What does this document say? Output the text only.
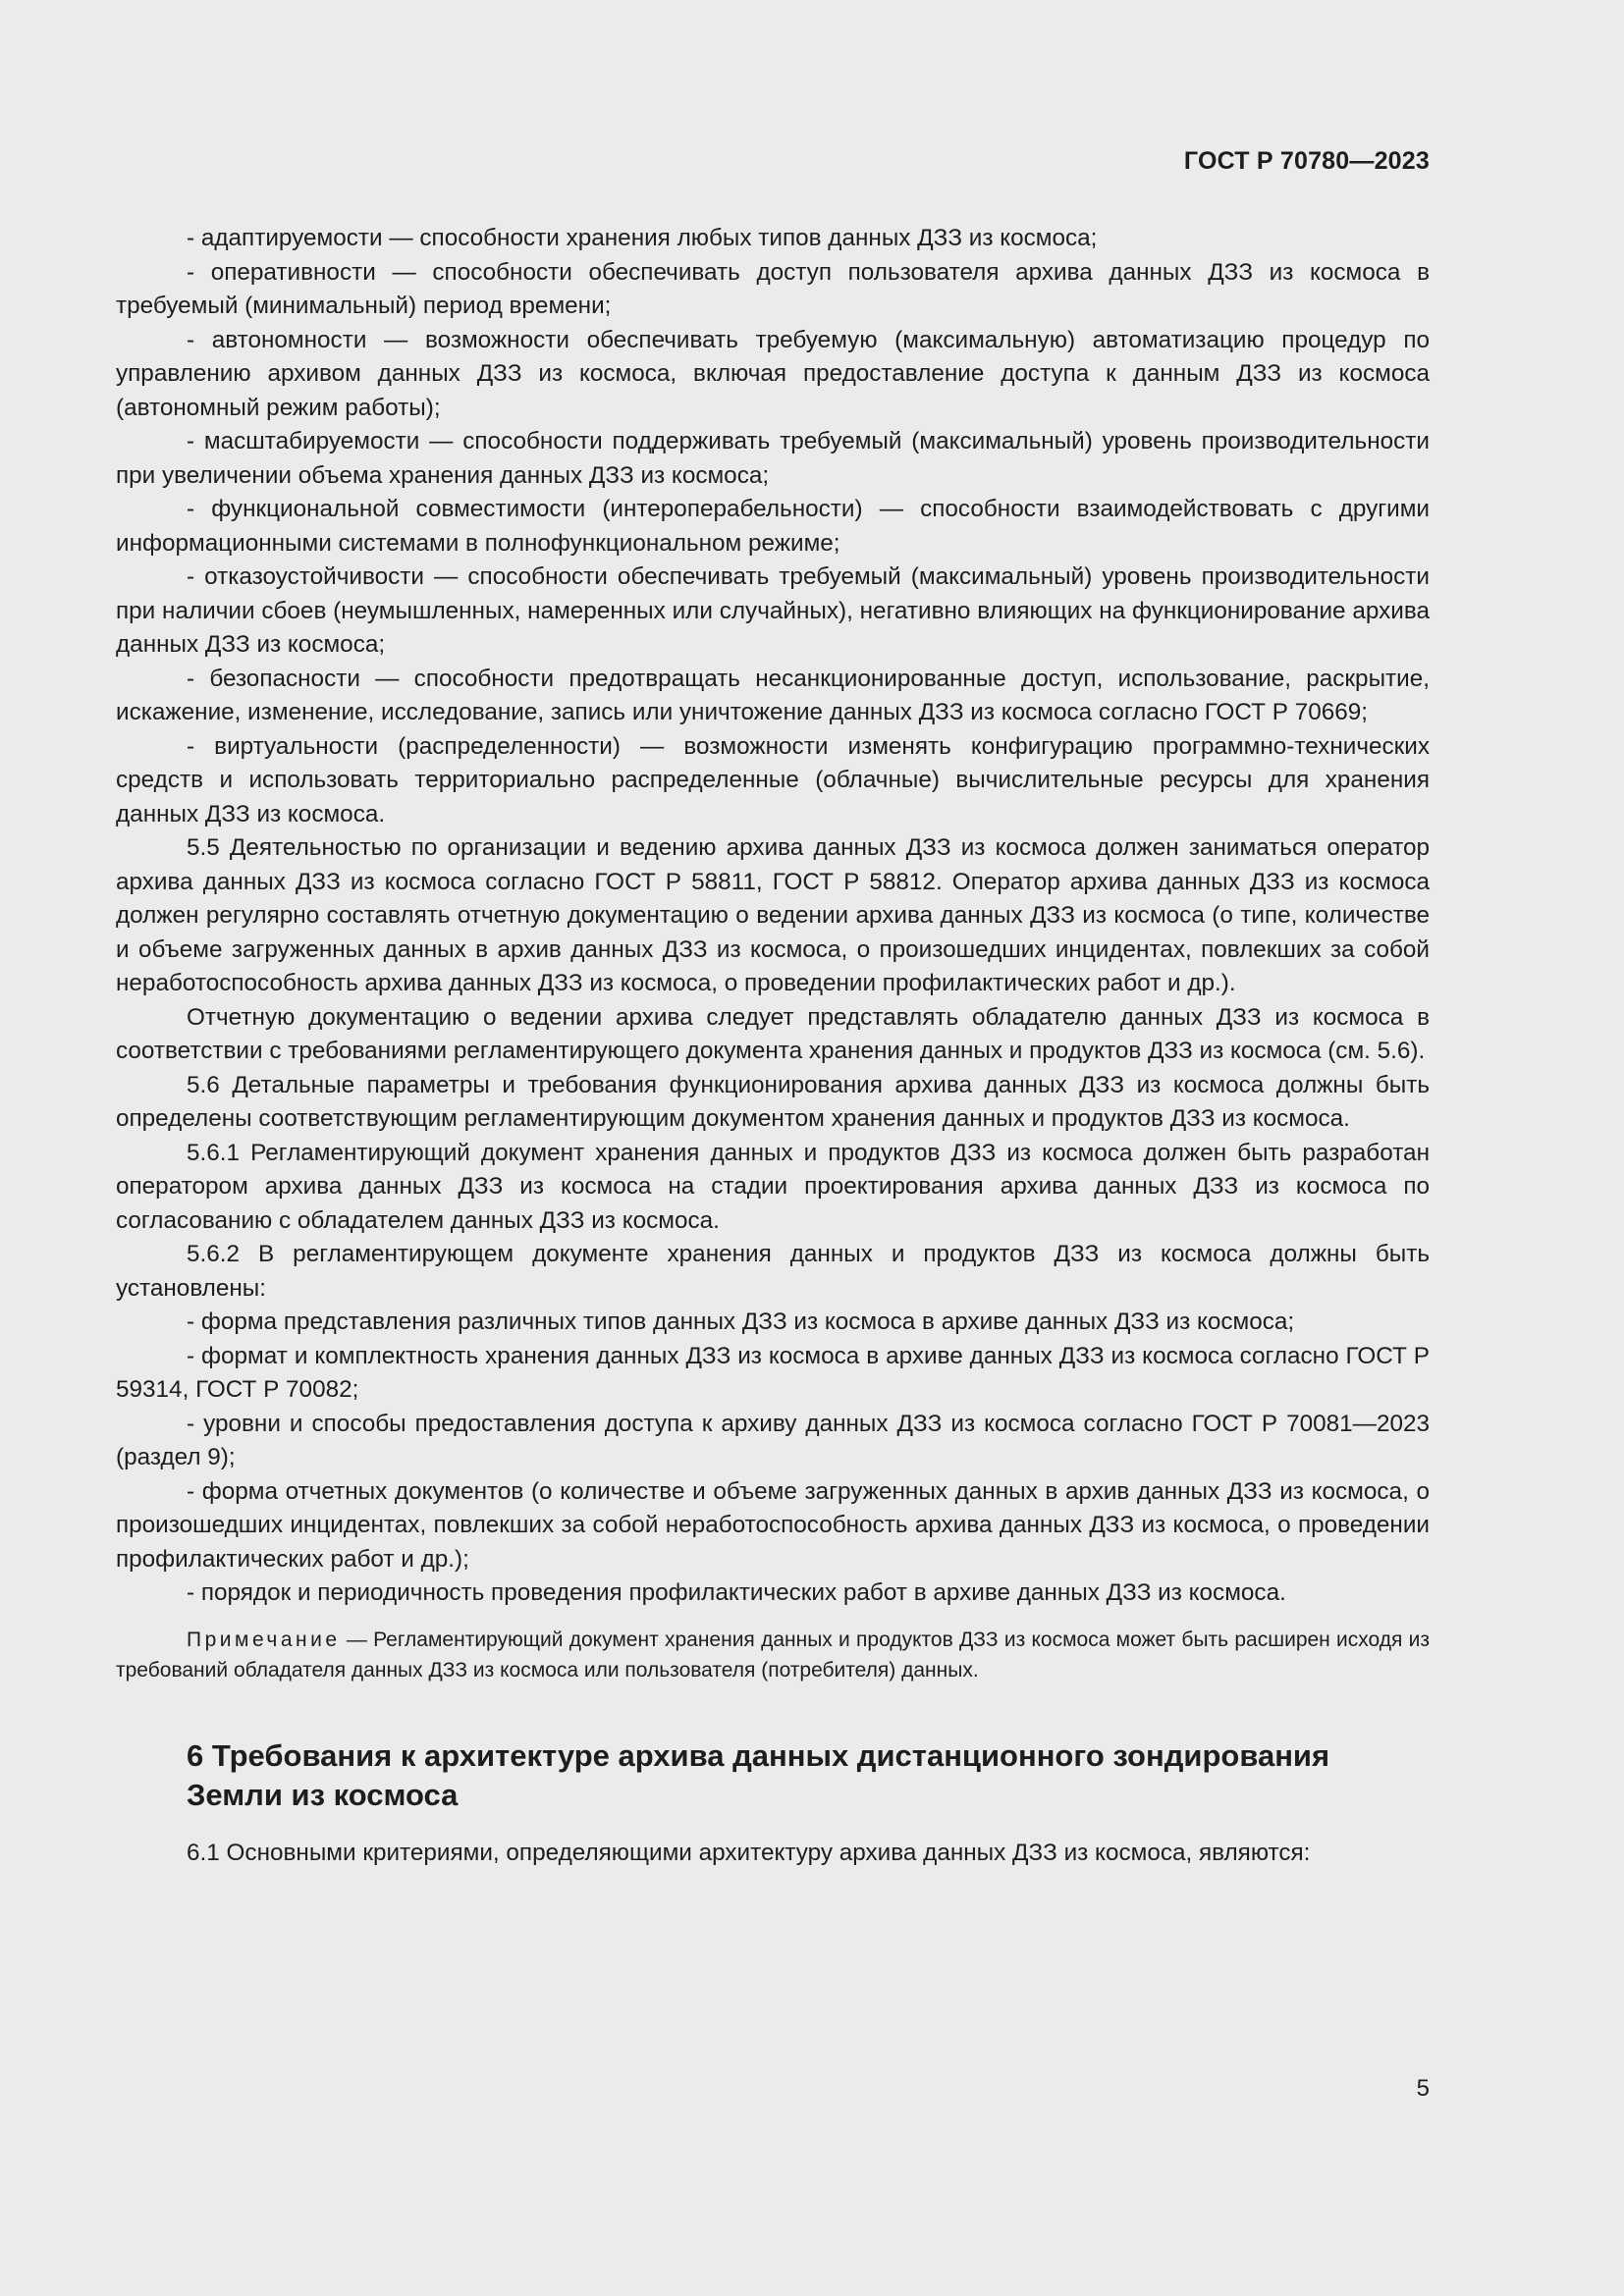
ГОСТ Р 70780—2023

- адаптируемости — способности хранения любых типов данных ДЗЗ из космоса;

- оперативности — способности обеспечивать доступ пользователя архива данных ДЗЗ из космоса в требуемый (минимальный) период времени;

- автономности — возможности обеспечивать требуемую (максимальную) автоматизацию процедур по управлению архивом данных ДЗЗ из космоса, включая предоставление доступа к данным ДЗЗ из космоса (автономный режим работы);

- масштабируемости — способности поддерживать требуемый (максимальный) уровень производительности при увеличении объема хранения данных ДЗЗ из космоса;

- функциональной совместимости (интероперабельности) — способности взаимодействовать с другими информационными системами в полнофункциональном режиме;

- отказоустойчивости — способности обеспечивать требуемый (максимальный) уровень производительности при наличии сбоев (неумышленных, намеренных или случайных), негативно влияющих на функционирование архива данных ДЗЗ из космоса;

- безопасности — способности предотвращать несанкционированные доступ, использование, раскрытие, искажение, изменение, исследование, запись или уничтожение данных ДЗЗ из космоса согласно ГОСТ Р 70669;

- виртуальности (распределенности) — возможности изменять конфигурацию программно-технических средств и использовать территориально распределенные (облачные) вычислительные ресурсы для хранения данных ДЗЗ из космоса.

5.5 Деятельностью по организации и ведению архива данных ДЗЗ из космоса должен заниматься оператор архива данных ДЗЗ из космоса согласно ГОСТ Р 58811, ГОСТ Р 58812. Оператор архива данных ДЗЗ из космоса должен регулярно составлять отчетную документацию о ведении архива данных ДЗЗ из космоса (о типе, количестве и объеме загруженных данных в архив данных ДЗЗ из космоса, о произошедших инцидентах, повлекших за собой неработоспособность архива данных ДЗЗ из космоса, о проведении профилактических работ и др.).

Отчетную документацию о ведении архива следует представлять обладателю данных ДЗЗ из космоса в соответствии с требованиями регламентирующего документа хранения данных и продуктов ДЗЗ из космоса (см. 5.6).

5.6 Детальные параметры и требования функционирования архива данных ДЗЗ из космоса должны быть определены соответствующим регламентирующим документом хранения данных и продуктов ДЗЗ из космоса.

5.6.1 Регламентирующий документ хранения данных и продуктов ДЗЗ из космоса должен быть разработан оператором архива данных ДЗЗ из космоса на стадии проектирования архива данных ДЗЗ из космоса по согласованию с обладателем данных ДЗЗ из космоса.

5.6.2 В регламентирующем документе хранения данных и продуктов ДЗЗ из космоса должны быть установлены:

- форма представления различных типов данных ДЗЗ из космоса в архиве данных ДЗЗ из космоса;

- формат и комплектность хранения данных ДЗЗ из космоса в архиве данных ДЗЗ из космоса согласно ГОСТ Р 59314, ГОСТ Р 70082;

- уровни и способы предоставления доступа к архиву данных ДЗЗ из космоса согласно ГОСТ Р 70081—2023 (раздел 9);

- форма отчетных документов (о количестве и объеме загруженных данных в архив данных ДЗЗ из космоса, о произошедших инцидентах, повлекших за собой неработоспособность архива данных ДЗЗ из космоса, о проведении профилактических работ и др.);

- порядок и периодичность проведения профилактических работ в архиве данных ДЗЗ из космоса.

Примечание — Регламентирующий документ хранения данных и продуктов ДЗЗ из космоса может быть расширен исходя из требований обладателя данных ДЗЗ из космоса или пользователя (потребителя) данных.

6 Требования к архитектуре архива данных дистанционного зондирования Земли из космоса

6.1 Основными критериями, определяющими архитектуру архива данных ДЗЗ из космоса, являются:

5
